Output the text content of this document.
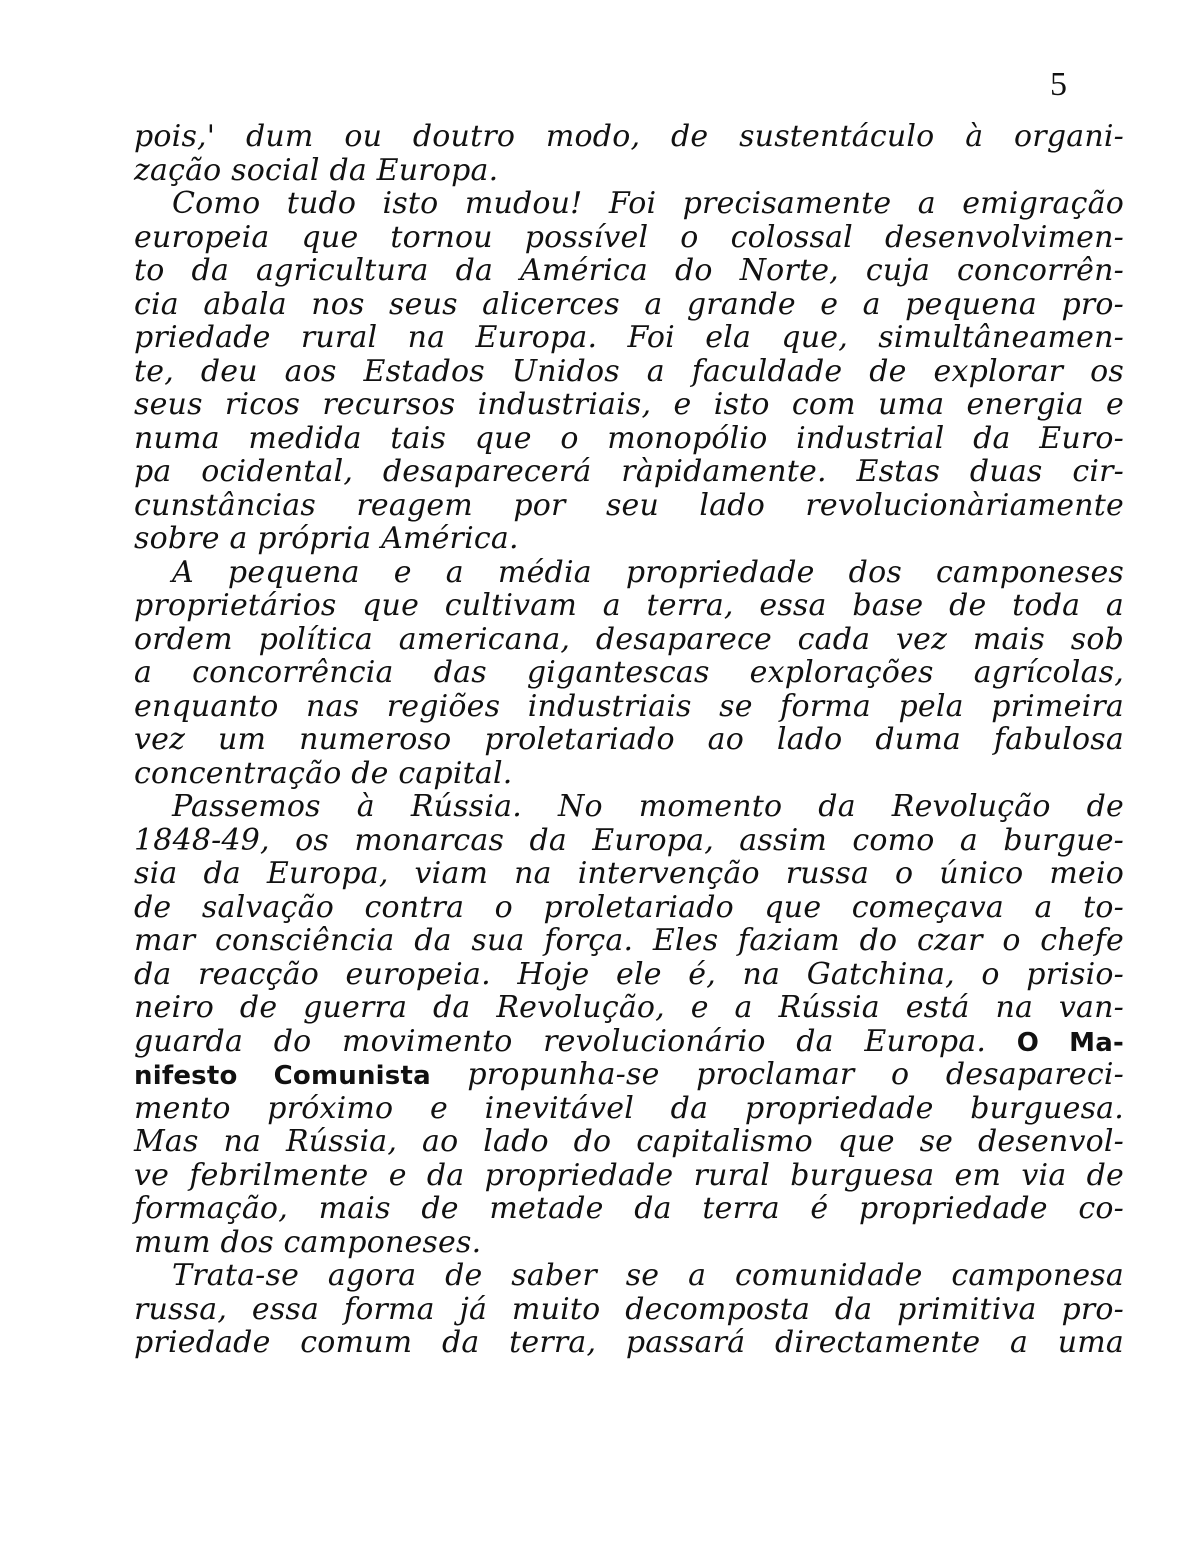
5
pois,' dum ou doutro modo, de sustentáculo à organi-
zação social da Europa.
Como tudo isto mudou! Foi precisamente a emigração
europeia que tornou possível o colossal desenvolvimen-
to da agricultura da América do Norte, cuja concorrên-
cia abala nos seus alicerces a grande e a pequena pro-
priedade rural na Europa. Foi ela que, simultâneamen-
te, deu aos Estados Unidos a faculdade de explorar os
seus ricos recursos industriais, e isto com uma energia e
numa medida tais que o monopólio industrial da Euro-
pa ocidental, desaparecerá ràpidamente. Estas duas cir-
cunstâncias reagem por seu lado revolucionàriamente
sobre a própria América.
A pequena e a média propriedade dos camponeses
proprietários que cultivam a terra, essa base de toda a
ordem política americana, desaparece cada vez mais sob
a concorrência das gigantescas explorações agrícolas,
enquanto nas regiões industriais se forma pela primeira
vez um numeroso proletariado ao lado duma fabulosa
concentração de capital.
Passemos à Rússia. No momento da Revolução de
1848-49, os monarcas da Europa, assim como a burgue-
sia da Europa, viam na intervenção russa o único meio
de salvação contra o proletariado que começava a to-
mar consciência da sua força. Eles faziam do czar o chefe
da reacção europeia. Hoje ele é, na Gatchina, o prisio-
neiro de guerra da Revolução, e a Rússia está na van-
guarda do movimento revolucionário da Europa. O Ma-
nifesto Comunista propunha-se proclamar o desapareci-
mento próximo e inevitável da propriedade burguesa.
Mas na Rússia, ao lado do capitalismo que se desenvol-
ve febrilmente e da propriedade rural burguesa em via de
formação, mais de metade da terra é propriedade co-
mum dos camponeses.
Trata-se agora de saber se a comunidade camponesa
russa, essa forma já muito decomposta da primitiva pro-
priedade comum da terra, passará directamente a uma
